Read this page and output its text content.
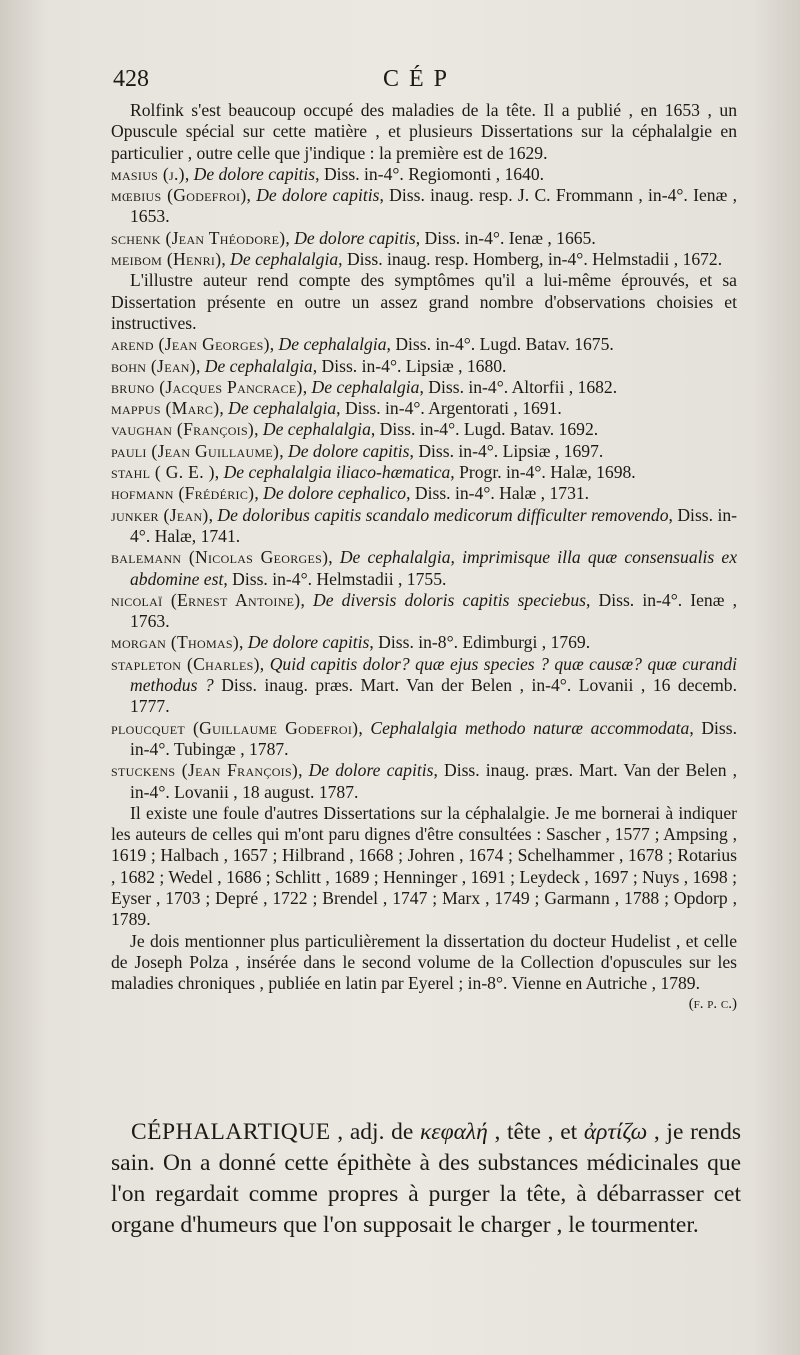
428	CÉP

Rolfink s'est beaucoup occupé des maladies de la tête. Il a publié , en 1653 , un Opuscule spécial sur cette matière , et plusieurs Dissertations sur la céphalalgie en particulier , outre celle que j'indique : la première est de 1629.

masius (j.), De dolore capitis, Diss. in-4°. Regiomonti , 1640.

mœbius (Godefroi), De dolore capitis, Diss. inaug. resp. J. C. Frommann , in-4°. Ienæ , 1653.

schenk (Jean Théodore), De dolore capitis, Diss. in-4°. Ienæ , 1665.

meibom (Henri), De cephalalgia, Diss. inaug. resp. Homberg, in-4°. Helmstadii , 1672.

L'illustre auteur rend compte des symptômes qu'il a lui-même éprouvés, et sa Dissertation présente en outre un assez grand nombre d'observations choisies et instructives.

arend (Jean Georges), De cephalalgia, Diss. in-4°. Lugd. Batav. 1675.

bohn (Jean), De cephalalgia, Diss. in-4°. Lipsiæ , 1680.

bruno (Jacques Pancrace), De cephalalgia, Diss. in-4°. Altorfii , 1682.

mappus (Marc), De cephalalgia, Diss. in-4°. Argentorati , 1691.

vaughan (François), De cephalalgia, Diss. in-4°. Lugd. Batav. 1692.

pauli (Jean Guillaume), De dolore capitis, Diss. in-4°. Lipsiæ , 1697.

stahl ( G. E. ), De cephalalgia iliaco-hæmatica, Progr. in-4°. Halæ, 1698.

hofmann (Frédéric), De dolore cephalico, Diss. in-4°. Halæ , 1731.

junker (Jean), De doloribus capitis scandalo medicorum difficulter removendo, Diss. in-4°. Halæ, 1741.

balemann (Nicolas Georges), De cephalalgia, imprimisque illa quæ consensualis ex abdomine est, Diss. in-4°. Helmstadii , 1755.

nicolaï (Ernest Antoine), De diversis doloris capitis speciebus, Diss. in-4°. Ienæ , 1763.

morgan (Thomas), De dolore capitis, Diss. in-8°. Edimburgi , 1769.

stapleton (Charles), Quid capitis dolor? quæ ejus species ? quæ causæ? quæ curandi methodus ? Diss. inaug. præs. Mart. Van der Belen , in-4°. Lovanii , 16 decemb. 1777.

ploucquet (Guillaume Godefroi), Cephalalgia methodo naturæ accommodata, Diss. in-4°. Tubingæ , 1787.

stuckens (Jean François), De dolore capitis, Diss. inaug. præs. Mart. Van der Belen , in-4°. Lovanii , 18 august. 1787.

Il existe une foule d'autres Dissertations sur la céphalalgie. Je me bornerai à indiquer les auteurs de celles qui m'ont paru dignes d'être consultées : Sascher , 1577 ; Ampsing , 1619 ; Halbach , 1657 ; Hilbrand , 1668 ; Johren , 1674 ; Schelhammer , 1678 ; Rotarius , 1682 ; Wedel , 1686 ; Schlitt , 1689 ; Henninger , 1691 ; Leydeck , 1697 ; Nuys , 1698 ; Eyser , 1703 ; Depré , 1722 ; Brendel , 1747 ; Marx , 1749 ; Garmann , 1788 ; Opdorp , 1789.

Je dois mentionner plus particulièrement la dissertation du docteur Hudelist , et celle de Joseph Polza , insérée dans le second volume de la Collection d'opuscules sur les maladies chroniques , publiée en latin par Eyerel ; in-8°. Vienne en Autriche , 1789.
(f. p. c.)

CÉPHALARTIQUE , adj. de κεφαλή , tête , et ἀρτίζω , je rends sain. On a donné cette épithète à des substances médicinales que l'on regardait comme propres à purger la tête, à débarrasser cet organe d'humeurs que l'on supposait le charger , le tourmenter.
